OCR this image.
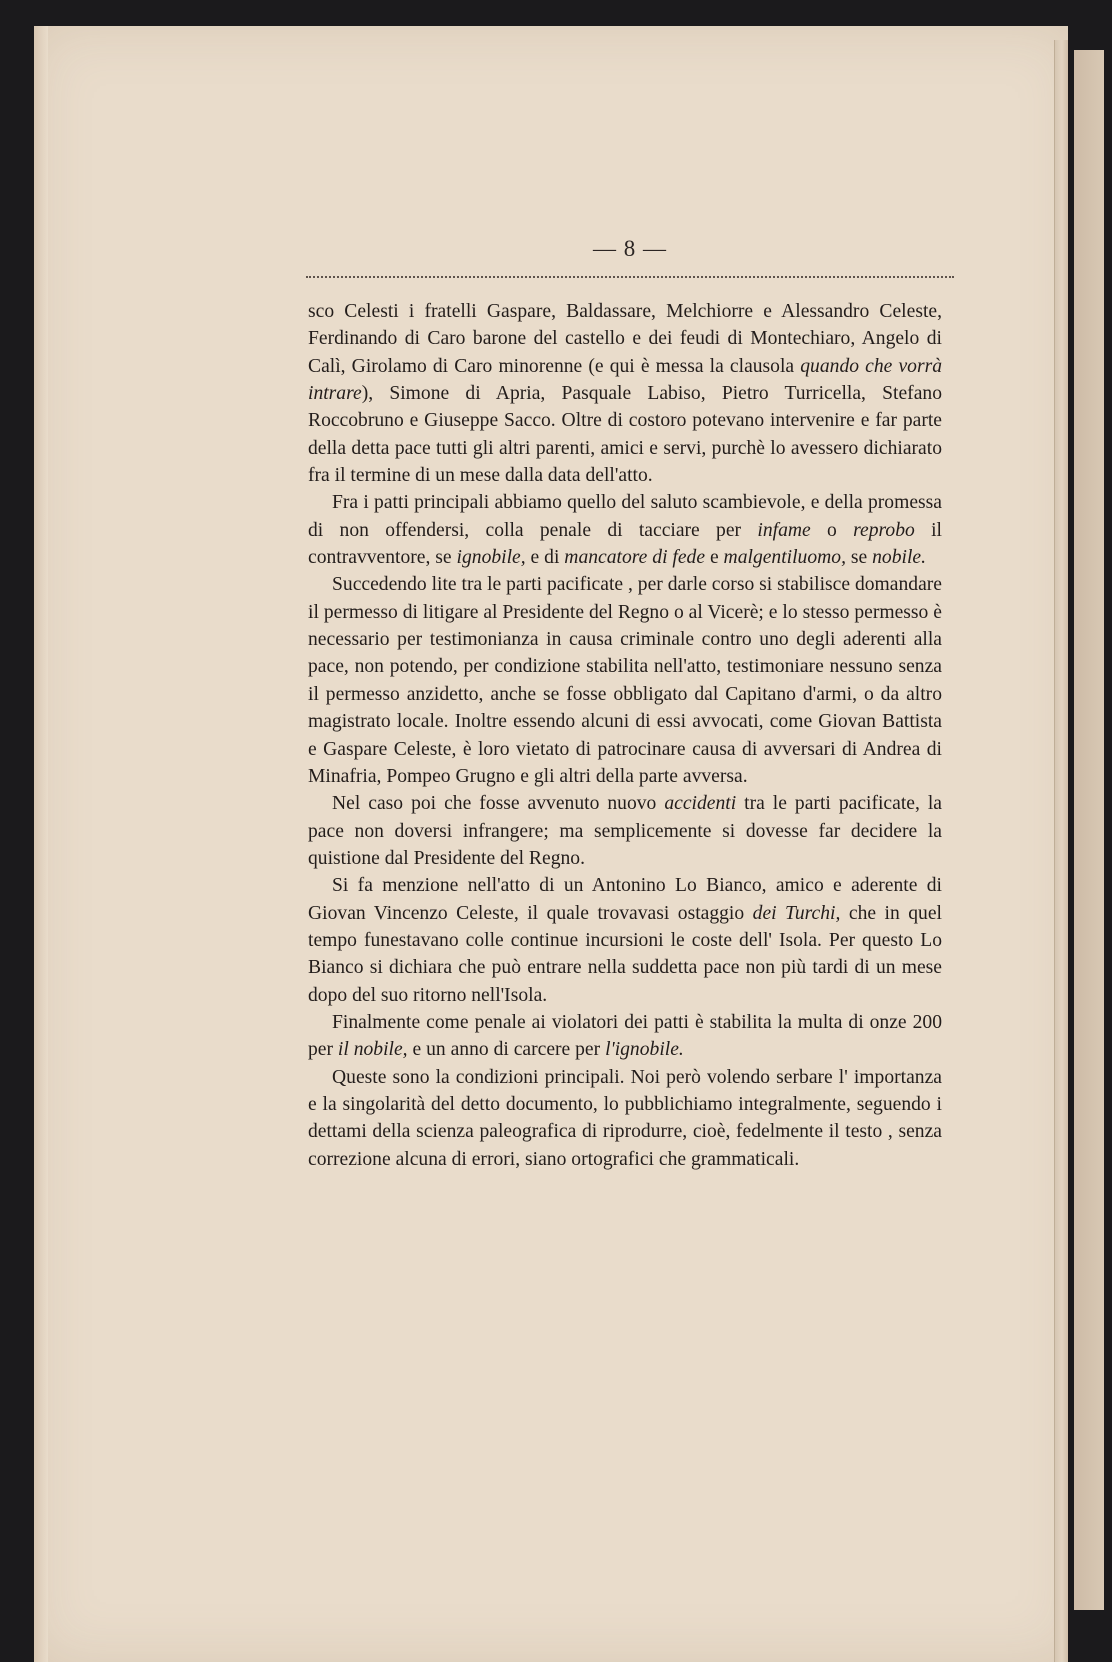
— 8 —

sco Celesti i fratelli Gaspare, Baldassare, Melchiorre e Alessandro Celeste, Ferdinando di Caro barone del castello e dei feudi di Montechiaro, Angelo di Calì, Girolamo di Caro minorenne (e qui è messa la clausola quando che vorrà intrare), Simone di Apria, Pasquale Labiso, Pietro Turricella, Stefano Roccobruno e Giuseppe Sacco. Oltre di costoro potevano intervenire e far parte della detta pace tutti gli altri parenti, amici e servi, purchè lo avessero dichiarato fra il termine di un mese dalla data dell'atto.

Fra i patti principali abbiamo quello del saluto scambievole, e della promessa di non offendersi, colla penale di tacciare per infame o reprobo il contravventore, se ignobile, e di mancatore di fede e malgentiluomo, se nobile.

Succedendo lite tra le parti pacificate , per darle corso si stabilisce domandare il permesso di litigare al Presidente del Regno o al Vicerè; e lo stesso permesso è necessario per testimonianza in causa criminale contro uno degli aderenti alla pace, non potendo, per condizione stabilita nell'atto, testimoniare nessuno senza il permesso anzidetto, anche se fosse obbligato dal Capitano d'armi, o da altro magistrato locale. Inoltre essendo alcuni di essi avvocati, come Giovan Battista e Gaspare Celeste, è loro vietato di patrocinare causa di avversari di Andrea di Minafria, Pompeo Grugno e gli altri della parte avversa.

Nel caso poi che fosse avvenuto nuovo accidenti tra le parti pacificate, la pace non doversi infrangere; ma semplicemente si dovesse far decidere la quistione dal Presidente del Regno.

Si fa menzione nell'atto di un Antonino Lo Bianco, amico e aderente di Giovan Vincenzo Celeste, il quale trovavasi ostaggio dei Turchi, che in quel tempo funestavano colle continue incursioni le coste dell' Isola. Per questo Lo Bianco si dichiara che può entrare nella suddetta pace non più tardi di un mese dopo del suo ritorno nell'Isola.

Finalmente come penale ai violatori dei patti è stabilita la multa di onze 200 per il nobile, e un anno di carcere per l'ignobile.

Queste sono la condizioni principali. Noi però volendo serbare l' importanza e la singolarità del detto documento, lo pubblichiamo integralmente, seguendo i dettami della scienza paleografica di riprodurre, cioè, fedelmente il testo , senza correzione alcuna di errori, siano ortografici che grammaticali.
